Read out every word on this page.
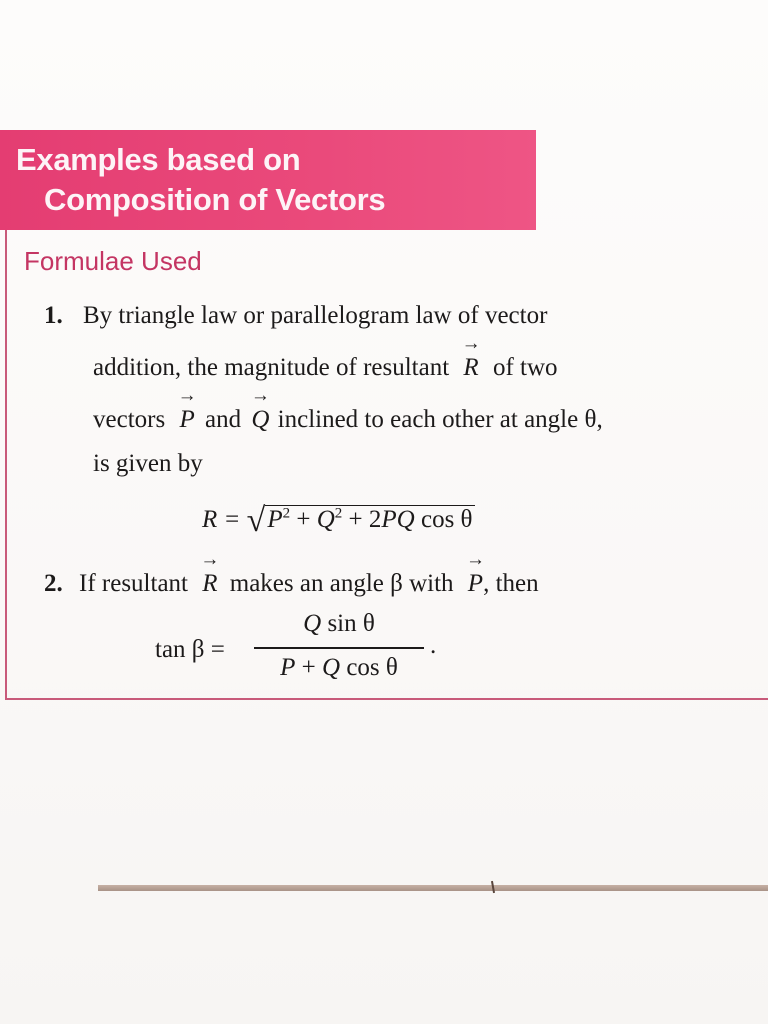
Examples based on
Composition of Vectors
Formulae Used
1. By triangle law or parallelogram law of vector
addition, the magnitude of resultant → R of two
vectors → P and → Q inclined to each other at angle θ,
is given by
$R = √P^2 + Q^2 + 2PQ$ cos θ
2. If resultant → R makes an angle β with → P, then
tan β =
Q sin θ
P + Q cos θ
.
